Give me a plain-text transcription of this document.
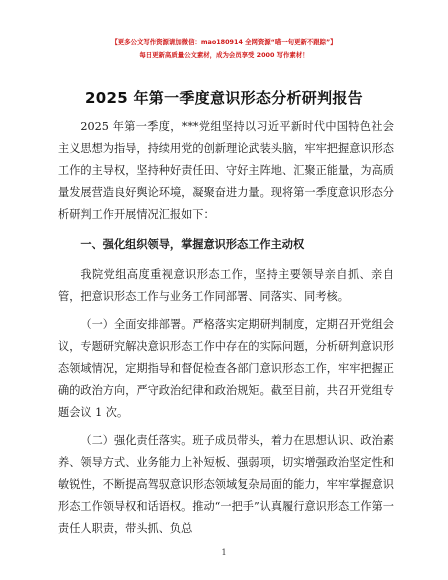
【更多公文写作资源请加微信：mao180914 全网资源“喵一句更新不跟踪”】
每日更新高质量公文素材，成为会员享受 2000 写作素材！
2025 年第一季度意识形态分析研判报告

2025 年第一季度，***党组坚持以习近平新时代中国特色社会主义思想为指导，持续用党的创新理论武装头脑，牢牢把握意识形态工作的主导权，坚持种好责任田、守好主阵地、汇聚正能量，为高质量发展营造良好舆论环境，凝聚奋进力量。现将第一季度意识形态分析研判工作开展情况汇报如下：

一、强化组织领导，掌握意识形态工作主动权

我院党组高度重视意识形态工作，坚持主要领导亲自抓、亲自管，把意识形态工作与业务工作同部署、同落实、同考核。

（一）全面安排部署。严格落实定期研判制度，定期召开党组会议，专题研究解决意识形态工作中存在的实际问题，分析研判意识形态领域情况，定期指导和督促检查各部门意识形态工作，牢牢把握正确的政治方向，严守政治纪律和政治规矩。截至目前，共召开党组专题会议 1 次。

（二）强化责任落实。班子成员带头，着力在思想认识、政治素养、领导方式、业务能力上补短板、强弱项，切实增强政治坚定性和敏锐性，不断提高驾驭意识形态领域复杂局面的能力，牢牢掌握意识形态工作领导权和话语权。推动“一把手”认真履行意识形态工作第一责任人职责，带头抓、负总

1
